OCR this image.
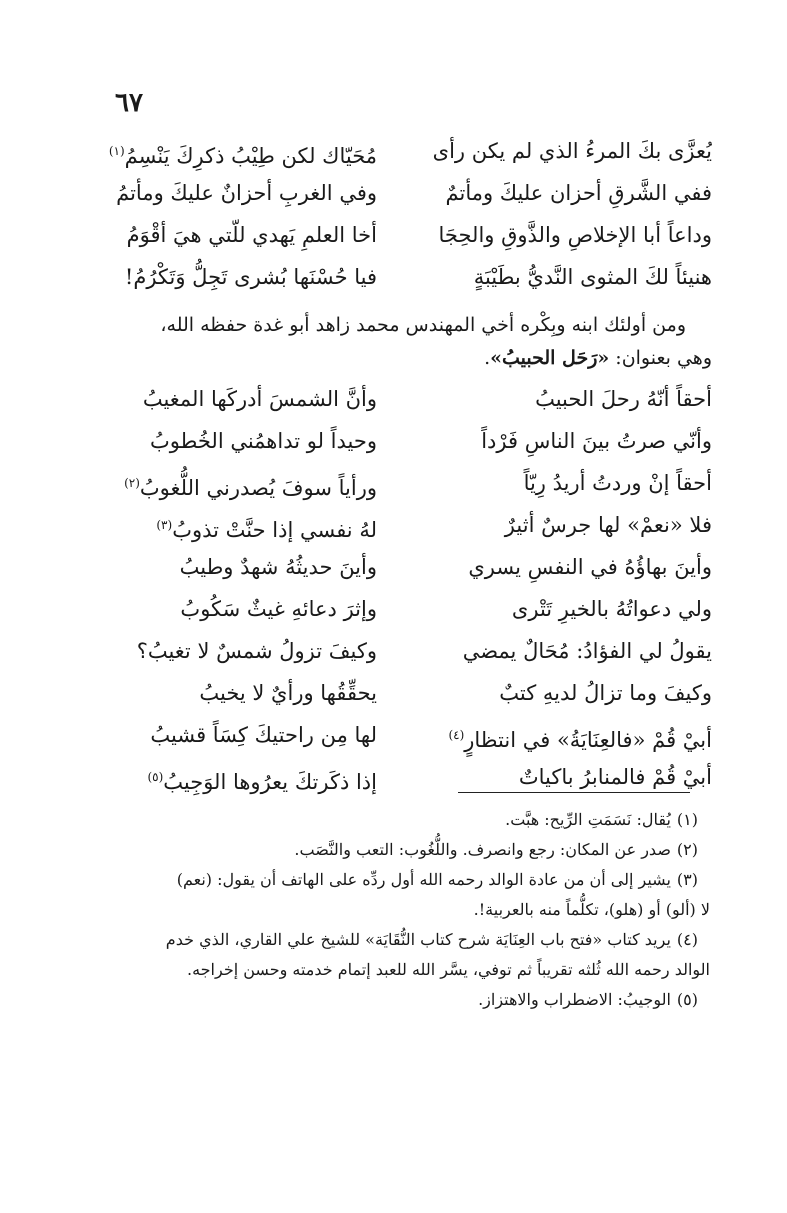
٦٧
يُعزَّى بكَ المرءُ الذي لم يكن رأى
مُحَيّاك لكن طِيْبُ ذكرِكَ يَنْسِمُ$^{(١)}$
ففي الشَّرقِ أحزان عليكَ ومأتمٌ
وفي الغربِ أحزانٌ عليكَ ومأتمُ
وداعاً أبا الإخلاصِ والذَّوقِ والحِجَا
أخا العلمِ يَهدي للّتي هيَ أقْوَمُ
هنيئاً لكَ المثوى النَّديُّ بطَيْبَةٍ
فيا حُسْنَها بُشرى تَجِلُّ وَتَكْرُمُ!

ومن أولئك ابنه وبِكْره أخي المهندس محمد زاهد أبو غدة حفظه الله،

وهي بعنوان: «رَحَل الحبيبُ».

أحقاً أنّهُ رحلَ الحبيبُ
وأنَّ الشمسَ أدركَها المغيبُ
وأنّي صرتُ بينَ الناسِ فَرْداً
وحيداً لو تداهمُني الخُطوبُ
أحقاً إنْ وردتُ أريدُ رِيّاً
ورأياً سوفَ يُصدرني اللُّغوبُ$^{(٢)}$
فلا «نعمْ» لها جرسٌ أثيرٌ
لهُ نفسي إذا حنَّتْ تذوبُ$^{(٣)}$
وأينَ بهاؤُهُ في النفسِ يسري
وأينَ حديثُهُ شهدٌ وطيبُ
ولي دعواتُهُ بالخيرِ تَتْرى
وإثرَ دعائهِ غيثٌ سَكُوبُ
يقولُ لي الفؤادُ: مُحَالٌ يمضي
وكيفَ تزولُ شمسٌ لا تغيبُ؟
وكيفَ وما تزالُ لديهِ كتبٌ
يحقِّقُها ورأيٌ لا يخيبُ
أبيْ قُمْ «فالعِنَايَةُ» في انتظارٍ$^{(٤)}$
لها مِن راحتيكَ كِسَاً قشيبُ
أبيْ قُمْ فالمنابرُ باكياتٌ
إذا ذكَرتكَ يعرُوها الوَجِيبُ$^{(٥)}$

(١)يُقال: نَسَمَتِ الرِّيح: هبَّت.

(٢)صدر عن المكان: رجع وانصرف. واللُّغُوب: التعب والنَّصَب.

(٣)يشير إلى أن من عادة الوالد رحمه الله أول ردِّه على الهاتف أن يقول: (نعم)

لا (ألو) أو (هلو)، تكلُّماً منه بالعربية!.

(٤)يريد كتاب «فتح باب العِنَايَة شرح كتاب النُّقَايَة» للشيخ علي القاري، الذي خدم

الوالد رحمه الله ثُلثه تقريباً ثم توفي، يسَّر الله للعبد إتمام خدمته وحسن إخراجه.

(٥)الوجيبُ: الاضطراب والاهتزاز.
